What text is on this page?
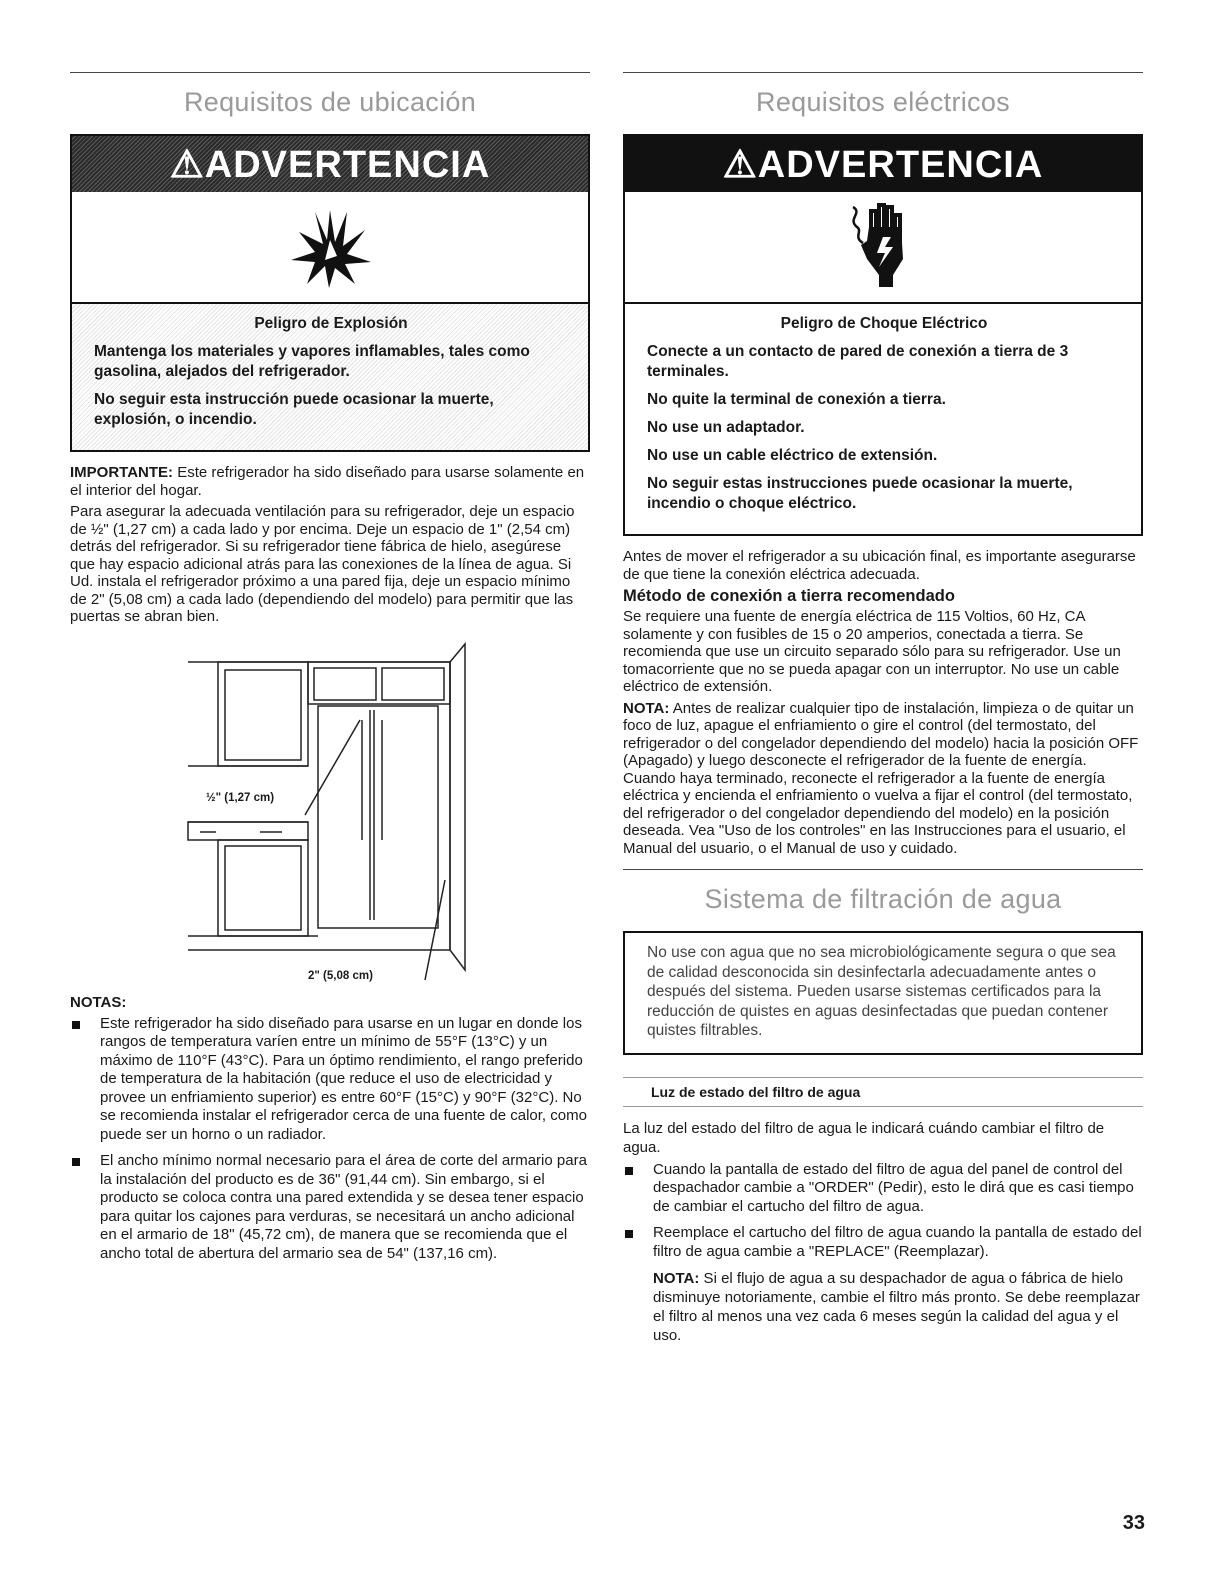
Requisitos de ubicación
⚠ADVERTENCIA
Peligro de Explosión

Mantenga los materiales y vapores inflamables, tales como gasolina, alejados del refrigerador.

No seguir esta instrucción puede ocasionar la muerte, explosión, o incendio.

IMPORTANTE: Este refrigerador ha sido diseñado para usarse solamente en el interior del hogar.

Para asegurar la adecuada ventilación para su refrigerador, deje un espacio de ½" (1,27 cm) a cada lado y por encima. Deje un espacio de 1" (2,54 cm) detrás del refrigerador. Si su refrigerador tiene fábrica de hielo, asegúrese que hay espacio adicional atrás para las conexiones de la línea de agua. Si Ud. instala el refrigerador próximo a una pared fija, deje un espacio mínimo de 2" (5,08 cm) a cada lado (dependiendo del modelo) para permitir que las puertas se abran bien.

½" (1,27 cm)
2" (5,08 cm)
NOTAS:
Este refrigerador ha sido diseñado para usarse en un lugar en donde los rangos de temperatura varíen entre un mínimo de 55°F (13°C) y un máximo de 110°F (43°C). Para un óptimo rendimiento, el rango preferido de temperatura de la habitación (que reduce el uso de electricidad y provee un enfriamiento superior) es entre 60°F (15°C) y 90°F (32°C). No se recomienda instalar el refrigerador cerca de una fuente de calor, como puede ser un horno o un radiador.
El ancho mínimo normal necesario para el área de corte del armario para la instalación del producto es de 36" (91,44 cm). Sin embargo, si el producto se coloca contra una pared extendida y se desea tener espacio para quitar los cajones para verduras, se necesitará un ancho adicional en el armario de 18" (45,72 cm), de manera que se recomienda que el ancho total de abertura del armario sea de 54" (137,16 cm).
Requisitos eléctricos
⚠ADVERTENCIA
Peligro de Choque Eléctrico

Conecte a un contacto de pared de conexión a tierra de 3 terminales.

No quite la terminal de conexión a tierra.

No use un adaptador.

No use un cable eléctrico de extensión.

No seguir estas instrucciones puede ocasionar la muerte, incendio o choque eléctrico.

Antes de mover el refrigerador a su ubicación final, es importante asegurarse de que tiene la conexión eléctrica adecuada.

Método de conexión a tierra recomendado

Se requiere una fuente de energía eléctrica de 115 Voltios, 60 Hz, CA solamente y con fusibles de 15 o 20 amperios, conectada a tierra. Se recomienda que use un circuito separado sólo para su refrigerador. Use un tomacorriente que no se pueda apagar con un interruptor. No use un cable eléctrico de extensión.

NOTA: Antes de realizar cualquier tipo de instalación, limpieza o de quitar un foco de luz, apague el enfriamiento o gire el control (del termostato, del refrigerador o del congelador dependiendo del modelo) hacia la posición OFF (Apagado) y luego desconecte el refrigerador de la fuente de energía. Cuando haya terminado, reconecte el refrigerador a la fuente de energía eléctrica y encienda el enfriamiento o vuelva a fijar el control (del termostato, del refrigerador o del congelador dependiendo del modelo) en la posición deseada. Vea "Uso de los controles" en las Instrucciones para el usuario, el Manual del usuario, o el Manual de uso y cuidado.

Sistema de filtración de agua
No use con agua que no sea microbiológicamente segura o que sea de calidad desconocida sin desinfectarla adecuadamente antes o después del sistema. Pueden usarse sistemas certificados para la reducción de quistes en aguas desinfectadas que puedan contener quistes filtrables.
Luz de estado del filtro de agua

La luz del estado del filtro de agua le indicará cuándo cambiar el filtro de agua.

Cuando la pantalla de estado del filtro de agua del panel de control del despachador cambie a "ORDER" (Pedir), esto le dirá que es casi tiempo de cambiar el cartucho del filtro de agua.
Reemplace el cartucho del filtro de agua cuando la pantalla de estado del filtro de agua cambie a "REPLACE" (Reemplazar).

NOTA: Si el flujo de agua a su despachador de agua o fábrica de hielo disminuye notoriamente, cambie el filtro más pronto. Se debe reemplazar el filtro al menos una vez cada 6 meses según la calidad del agua y el uso.

33
